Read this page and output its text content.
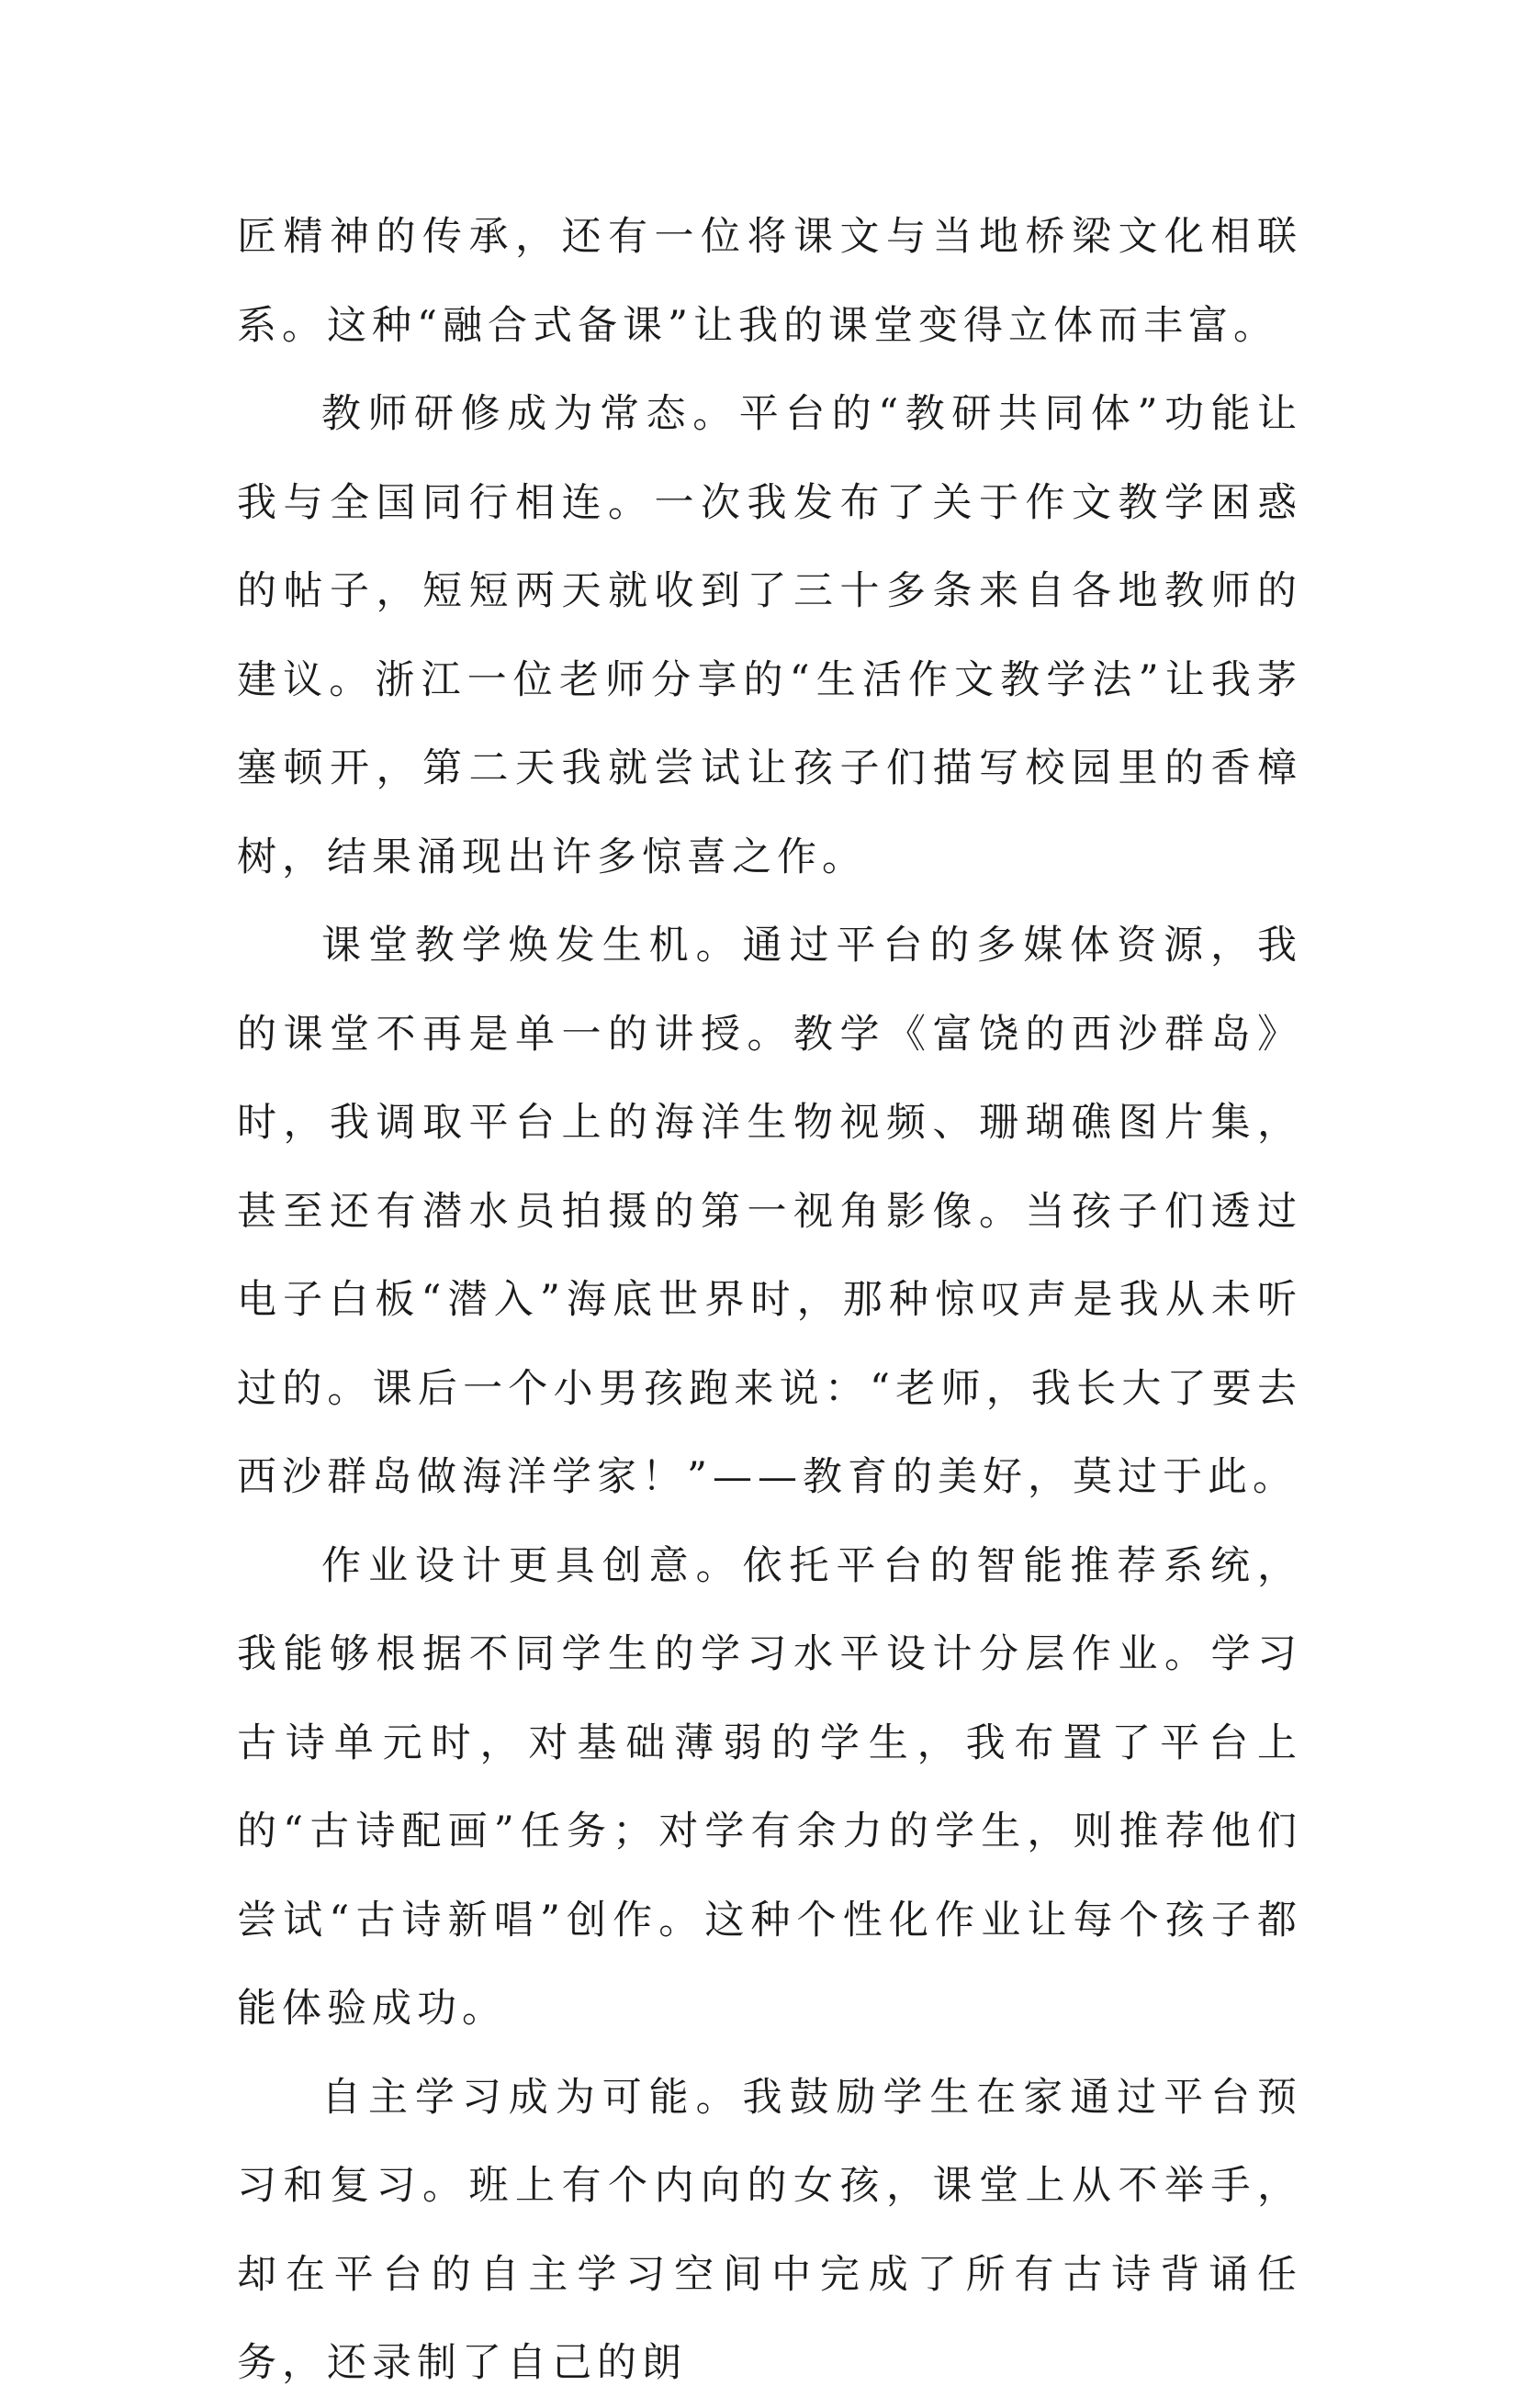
匠精神的传承，还有一位将课文与当地桥梁文化相联系。这种“融合式备课”让我的课堂变得立体而丰富。

教师研修成为常态。平台的“教研共同体”功能让我与全国同行相连。一次我发布了关于作文教学困惑的帖子，短短两天就收到了三十多条来自各地教师的建议。浙江一位老师分享的“生活作文教学法”让我茅塞顿开，第二天我就尝试让孩子们描写校园里的香樟树，结果涌现出许多惊喜之作。

课堂教学焕发生机。通过平台的多媒体资源，我的课堂不再是单一的讲授。教学《富饶的西沙群岛》时，我调取平台上的海洋生物视频、珊瑚礁图片集，甚至还有潜水员拍摄的第一视角影像。当孩子们透过电子白板“潜入”海底世界时，那种惊叹声是我从未听过的。课后一个小男孩跑来说：“老师，我长大了要去西沙群岛做海洋学家！”——教育的美好，莫过于此。

作业设计更具创意。依托平台的智能推荐系统，我能够根据不同学生的学习水平设计分层作业。学习古诗单元时，对基础薄弱的学生，我布置了平台上的“古诗配画”任务；对学有余力的学生，则推荐他们尝试“古诗新唱”创作。这种个性化作业让每个孩子都能体验成功。

自主学习成为可能。我鼓励学生在家通过平台预习和复习。班上有个内向的女孩，课堂上从不举手，却在平台的自主学习空间中完成了所有古诗背诵任务，还录制了自己的朗
